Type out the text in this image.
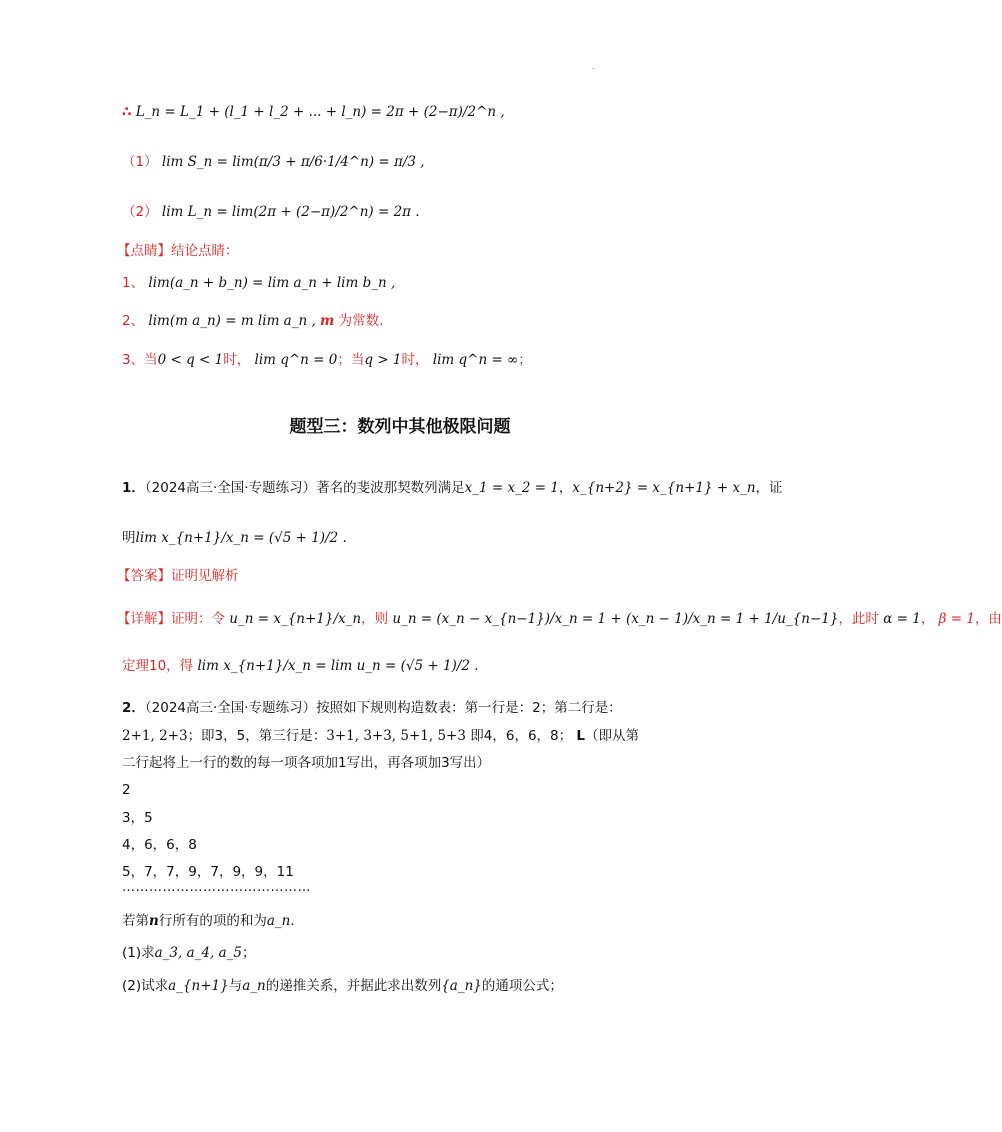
.
∴ L_n = L_1 + (l_1 + l_2 + ... + l_n) = 2π + (2−π)/2^n ,
（1） lim S_n = lim(π/3 + π/6·1/4^n) = π/3 ,
（2） lim L_n = lim(2π + (2−π)/2^n) = 2π .
【点睛】结论点睛：
1、 lim(a_n + b_n) = lim a_n + lim b_n ,
2、 lim(m a_n) = m lim a_n , m 为常数.
3、当0 < q < 1时， lim q^n = 0；当q > 1时， lim q^n = ∞；
题型三：数列中其他极限问题
1．（2024高三·全国·专题练习）著名的斐波那契数列满足x_1 = x_2 = 1，x_{n+2} = x_{n+1} + x_n，证
明lim x_{n+1}/x_n = (√5 + 1)/2 .
【答案】证明见解析
【详解】证明：令 u_n = x_{n+1}/x_n，则 u_n = (x_n − x_{n−1})/x_n = 1 + (x_n − 1)/x_n = 1 + 1/u_{n−1}，此时 α = 1， β = 1，由
定理10，得 lim x_{n+1}/x_n = lim u_n = (√5 + 1)/2 .
2．（2024高三·全国·专题练习）按照如下规则构造数表：第一行是：2；第二行是：
2+1, 2+3；即3，5，第三行是：3+1, 3+3, 5+1, 5+3 即4，6，6，8； L（即从第
二行起将上一行的数的每一项各项加1写出，再各项加3写出）
2
3，5
4，6，6，8
5，7，7，9，7，9，9，11
……………………………………
若第n行所有的项的和为a_n．
(1)求a_3, a_4, a_5；
(2)试求a_{n+1}与a_n的递推关系，并据此求出数列{a_n}的通项公式；
